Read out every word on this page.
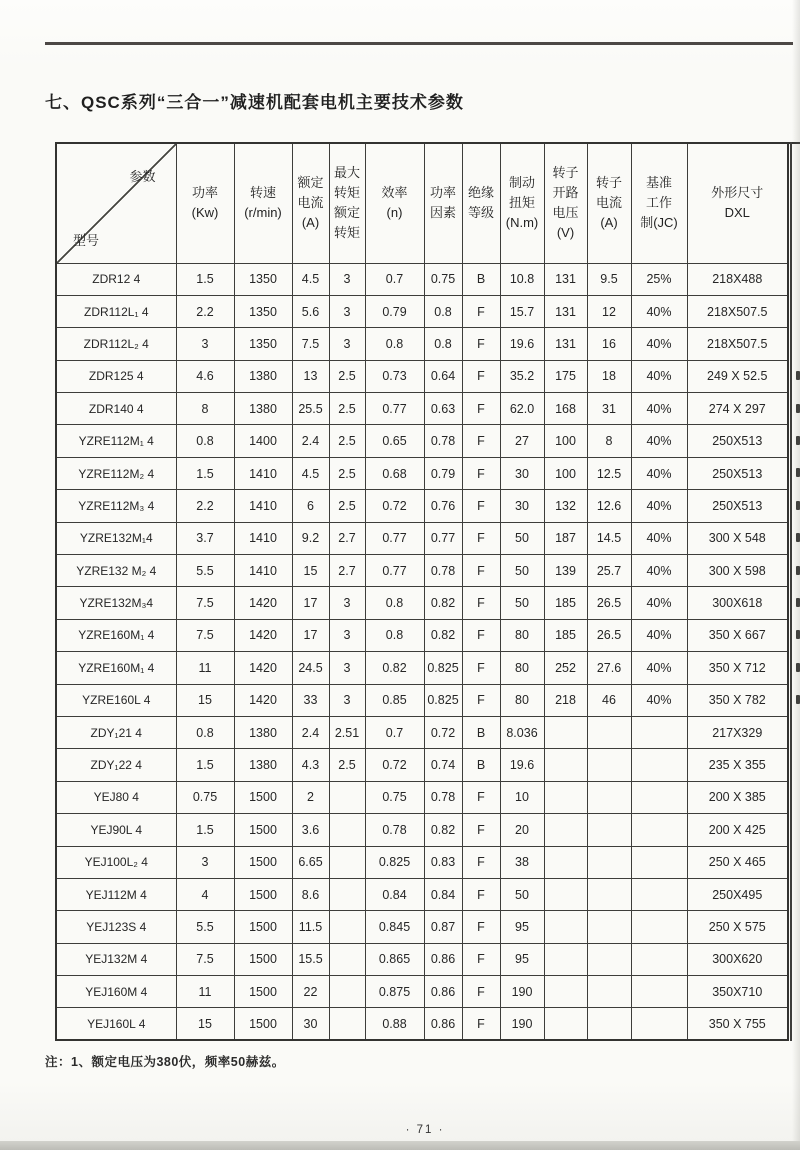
七、QSC系列“三合一”减速机配套电机主要技术参数
参数
型号

功率
(Kw)

转速
(r/min)

额定
电流
(A)

最大
转矩
额定
转矩

效率
(n)

功率
因素

绝缘
等级

制动
扭矩
(N.m)

转子
开路
电压
(V)

转子
电流
(A)

基准
工作
制(JC)

外形尺寸
DXL

ZDR12 4	1.5	1350	4.5	3	0.7	0.75	B	10.8	131	9.5	25%	218X488
ZDR112L₁ 4	2.2	1350	5.6	3	0.79	0.8	F	15.7	131	12	40%	218X507.5
ZDR112L₂ 4	3	1350	7.5	3	0.8	0.8	F	19.6	131	16	40%	218X507.5
ZDR125 4	4.6	1380	13	2.5	0.73	0.64	F	35.2	175	18	40%	249 X 52.5
ZDR140 4	8	1380	25.5	2.5	0.77	0.63	F	62.0	168	31	40%	274 X 297
YZRE112M₁ 4	0.8	1400	2.4	2.5	0.65	0.78	F	27	100	8	40%	250X513
YZRE112M₂ 4	1.5	1410	4.5	2.5	0.68	0.79	F	30	100	12.5	40%	250X513
YZRE112M₃ 4	2.2	1410	6	2.5	0.72	0.76	F	30	132	12.6	40%	250X513
YZRE132M₁4	3.7	1410	9.2	2.7	0.77	0.77	F	50	187	14.5	40%	300 X 548
YZRE132 M₂ 4	5.5	1410	15	2.7	0.77	0.78	F	50	139	25.7	40%	300 X 598
YZRE132M₃4	7.5	1420	17	3	0.8	0.82	F	50	185	26.5	40%	300X618
YZRE160M₁ 4	7.5	1420	17	3	0.8	0.82	F	80	185	26.5	40%	350 X 667
YZRE160M₁ 4	11	1420	24.5	3	0.82	0.825	F	80	252	27.6	40%	350 X 712
YZRE160L 4	15	1420	33	3	0.85	0.825	F	80	218	46	40%	350 X 782
ZDY₁21 4	0.8	1380	2.4	2.51	0.7	0.72	B	8.036				217X329
ZDY₁22 4	1.5	1380	4.3	2.5	0.72	0.74	B	19.6				235 X 355
YEJ80 4	0.75	1500	2		0.75	0.78	F	10				200 X 385
YEJ90L 4	1.5	1500	3.6		0.78	0.82	F	20				200 X 425
YEJ100L₂ 4	3	1500	6.65		0.825	0.83	F	38				250 X 465
YEJ112M 4	4	1500	8.6		0.84	0.84	F	50				250X495
YEJ123S 4	5.5	1500	11.5		0.845	0.87	F	95				250 X 575
YEJ132M 4	7.5	1500	15.5		0.865	0.86	F	95				300X620
YEJ160M 4	11	1500	22		0.875	0.86	F	190				350X710
YEJ160L 4	15	1500	30		0.88	0.86	F	190				350 X 755
注：1、额定电压为380伏，频率50赫兹。
· 71 ·
